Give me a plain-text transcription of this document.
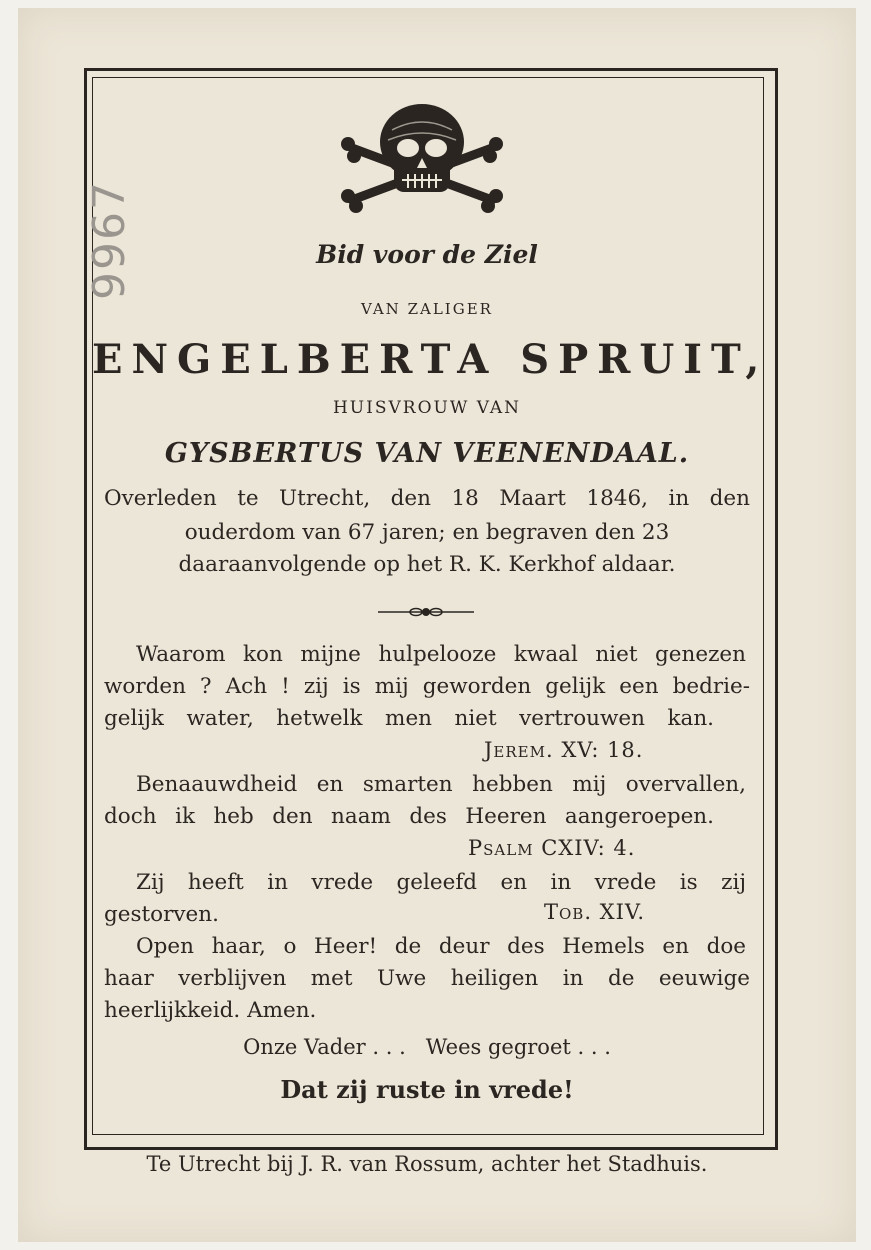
9967	Bid voor de Ziel
VAN ZALIGER
ENGELBERTA SPRUIT,
HUISVROUW VAN
GYSBERTUS VAN VEENENDAAL.
Overleden te Utrecht, den 18 Maart 1846, in den
ouderdom van 67 jaren; en begraven den 23
daaraanvolgende op het R. K. Kerkhof aldaar.
Waarom kon mijne hulpelooze kwaal niet genezen
worden ? Ach ! zij is mij geworden gelijk een bedrie-
gelijk water, hetwelk men niet vertrouwen kan.
Jerem. XV: 18.
Benaauwdheid en smarten hebben mij overvallen,
doch ik heb den naam des Heeren aangeroepen.
Psalm CXIV: 4.
Zij heeft in vrede geleefd en in vrede is zij
gestorven.	Tob. XIV.
Open haar, o Heer! de deur des Hemels en doe
haar verblijven met Uwe heiligen in de eeuwige
heerlijkkeid. Amen.
Onze Vader . . .   Wees gegroet . . .
Dat zij ruste in vrede!
Te Utrecht bij J. R. van Rossum, achter het Stadhuis.
